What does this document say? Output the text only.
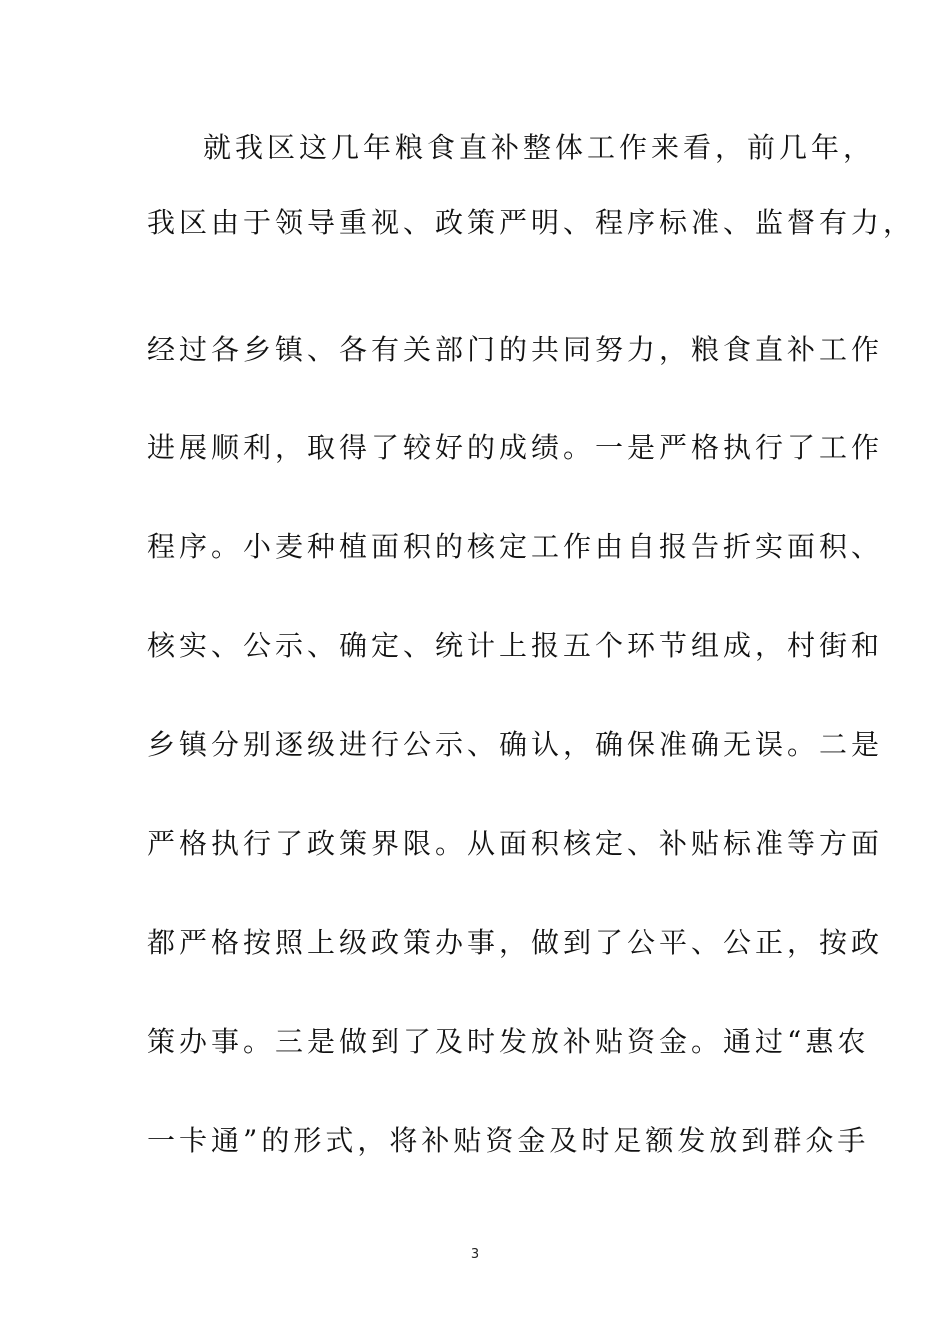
就我区这几年粮食直补整体工作来看，前几年，
我区由于领导重视、政策严明、程序标准、监督有力，
经过各乡镇、各有关部门的共同努力，粮食直补工作
进展顺利，取得了较好的成绩。一是严格执行了工作
程序。小麦种植面积的核定工作由自报告折实面积、
核实、公示、确定、统计上报五个环节组成，村街和
乡镇分别逐级进行公示、确认，确保准确无误。二是
严格执行了政策界限。从面积核定、补贴标准等方面
都严格按照上级政策办事，做到了公平、公正，按政
策办事。三是做到了及时发放补贴资金。通过“惠农
一卡通”的形式，将补贴资金及时足额发放到群众手
3
